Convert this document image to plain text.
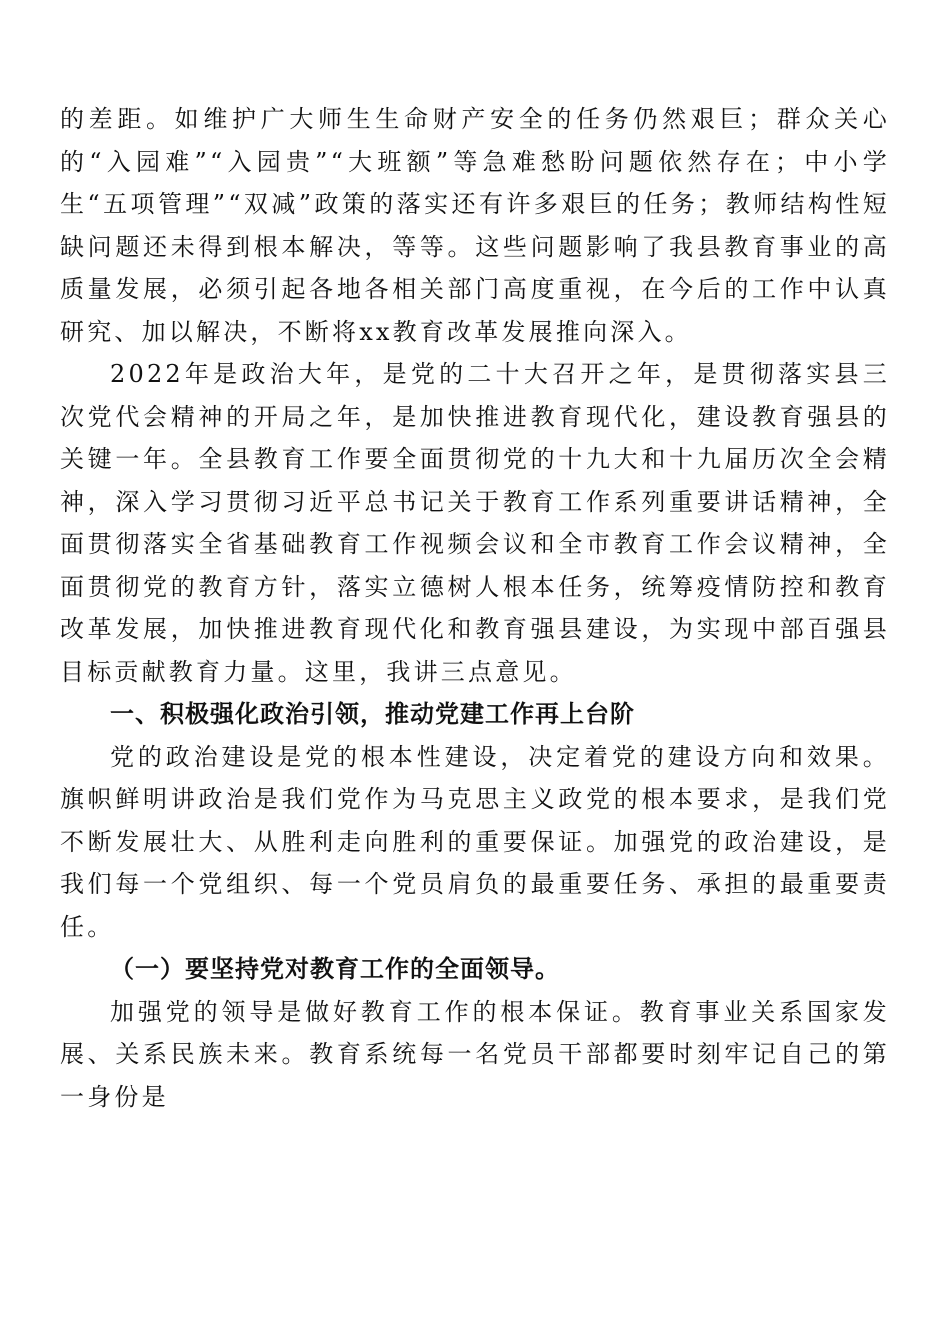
的差距。如维护广大师生生命财产安全的任务仍然艰巨；群众关心的“入园难”“入园贵”“大班额”等急难愁盼问题依然存在；中小学生“五项管理”“双减”政策的落实还有许多艰巨的任务；教师结构性短缺问题还未得到根本解决，等等。这些问题影响了我县教育事业的高质量发展，必须引起各地各相关部门高度重视，在今后的工作中认真研究、加以解决，不断将xx教育改革发展推向深入。

2022年是政治大年，是党的二十大召开之年，是贯彻落实县三次党代会精神的开局之年，是加快推进教育现代化，建设教育强县的关键一年。全县教育工作要全面贯彻党的十九大和十九届历次全会精神，深入学习贯彻习近平总书记关于教育工作系列重要讲话精神，全面贯彻落实全省基础教育工作视频会议和全市教育工作会议精神，全面贯彻党的教育方针，落实立德树人根本任务，统筹疫情防控和教育改革发展，加快推进教育现代化和教育强县建设，为实现中部百强县目标贡献教育力量。这里，我讲三点意见。

一、积极强化政治引领，推动党建工作再上台阶

党的政治建设是党的根本性建设，决定着党的建设方向和效果。旗帜鲜明讲政治是我们党作为马克思主义政党的根本要求，是我们党不断发展壮大、从胜利走向胜利的重要保证。加强党的政治建设，是我们每一个党组织、每一个党员肩负的最重要任务、承担的最重要责任。

（一）要坚持党对教育工作的全面领导。

加强党的领导是做好教育工作的根本保证。教育事业关系国家发展、关系民族未来。教育系统每一名党员干部都要时刻牢记自己的第一身份是
